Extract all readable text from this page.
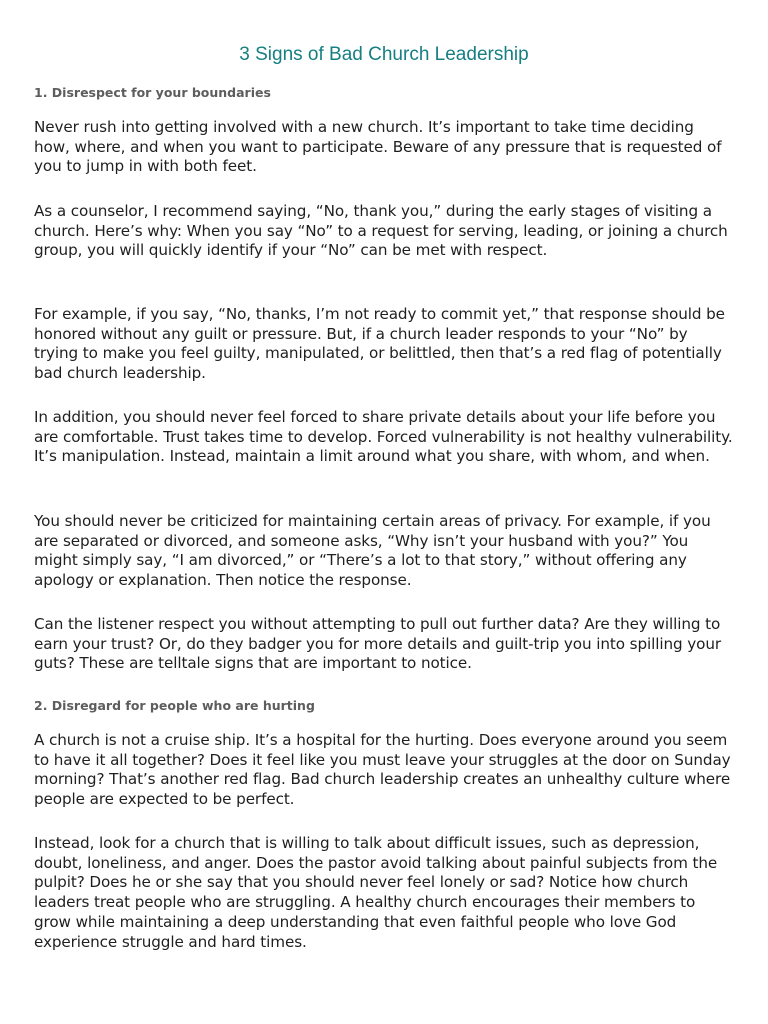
3 Signs of Bad Church Leadership
1. Disrespect for your boundaries

Never rush into getting involved with a new church. It’s important to take time deciding how, where, and when you want to participate. Beware of any pressure that is requested of you to jump in with both feet.

As a counselor, I recommend saying, “No, thank you,” during the early stages of visiting a church. Here’s why: When you say “No” to a request for serving, leading, or joining a church group, you will quickly identify if your “No” can be met with respect.

For example, if you say, “No, thanks, I’m not ready to commit yet,” that response should be honored without any guilt or pressure. But, if a church leader responds to your “No” by trying to make you feel guilty, manipulated, or belittled, then that’s a red flag of potentially bad church leadership.

In addition, you should never feel forced to share private details about your life before you are comfortable. Trust takes time to develop. Forced vulnerability is not healthy vulnerability. It’s manipulation. Instead, maintain a limit around what you share, with whom, and when.

You should never be criticized for maintaining certain areas of privacy. For example, if you are separated or divorced, and someone asks, “Why isn’t your husband with you?” You might simply say, “I am divorced,” or “There’s a lot to that story,” without offering any apology or explanation. Then notice the response.

Can the listener respect you without attempting to pull out further data? Are they willing to earn your trust? Or, do they badger you for more details and guilt-trip you into spilling your guts? These are telltale signs that are important to notice.

2. Disregard for people who are hurting

A church is not a cruise ship. It’s a hospital for the hurting. Does everyone around you seem to have it all together? Does it feel like you must leave your struggles at the door on Sunday morning? That’s another red flag. Bad church leadership creates an unhealthy culture where people are expected to be perfect.

Instead, look for a church that is willing to talk about difficult issues, such as depression, doubt, loneliness, and anger. Does the pastor avoid talking about painful subjects from the pulpit? Does he or she say that you should never feel lonely or sad? Notice how church leaders treat people who are struggling. A healthy church encourages their members to grow while maintaining a deep understanding that even faithful people who love God experience struggle and hard times.
